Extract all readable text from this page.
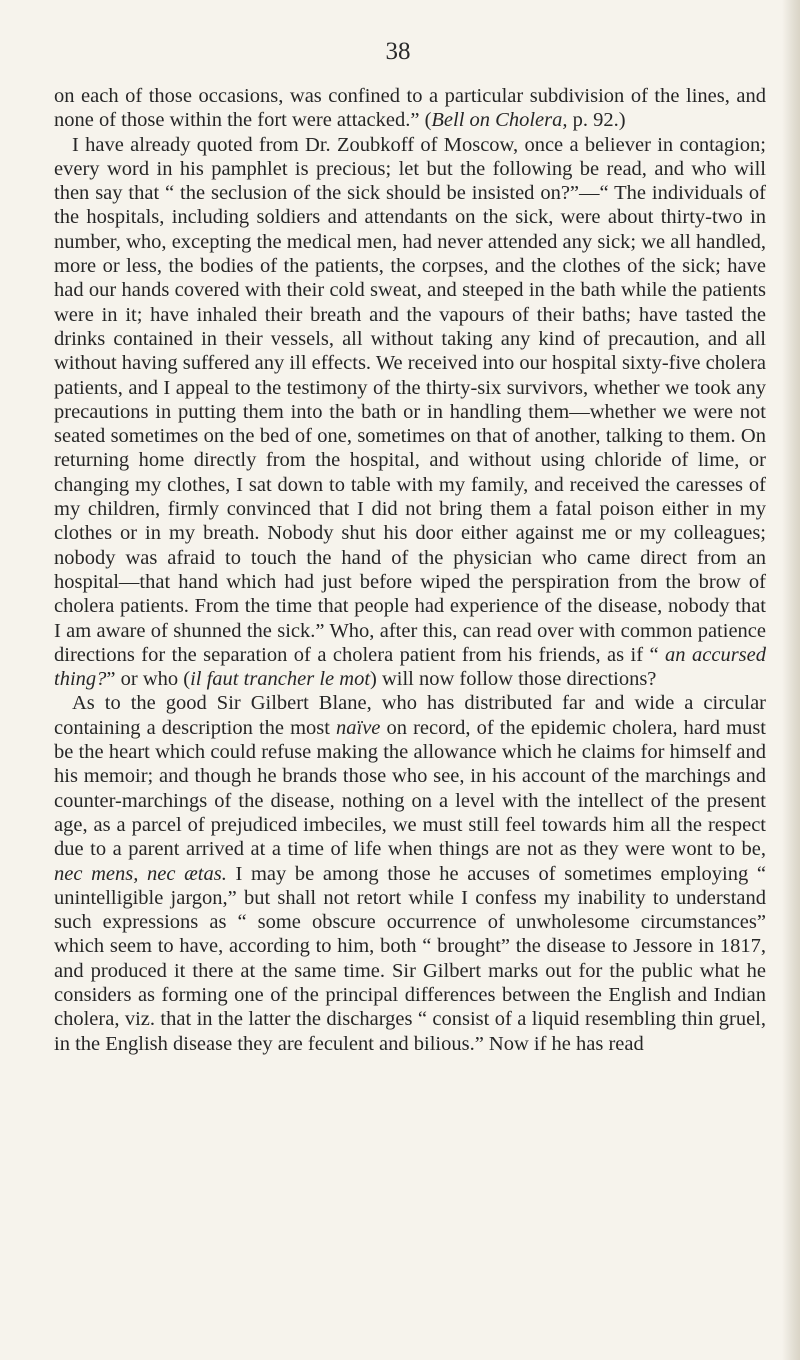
38

on each of those occasions, was confined to a particular subdivision of the lines, and none of those within the fort were attacked.” (Bell on Cholera, p. 92.)

I have already quoted from Dr. Zoubkoff of Moscow, once a believer in contagion; every word in his pamphlet is precious; let but the following be read, and who will then say that “ the seclusion of the sick should be insisted on?”—“ The individuals of the hospitals, including soldiers and attendants on the sick, were about thirty-two in number, who, excepting the medical men, had never attended any sick; we all handled, more or less, the bodies of the patients, the corpses, and the clothes of the sick; have had our hands covered with their cold sweat, and steeped in the bath while the patients were in it; have inhaled their breath and the vapours of their baths; have tasted the drinks contained in their vessels, all without taking any kind of precaution, and all without having suffered any ill effects. We received into our hospital sixty-five cholera patients, and I appeal to the testimony of the thirty-six survivors, whether we took any precautions in putting them into the bath or in handling them—whether we were not seated sometimes on the bed of one, sometimes on that of another, talking to them. On returning home directly from the hospital, and without using chloride of lime, or changing my clothes, I sat down to table with my family, and received the caresses of my children, firmly convinced that I did not bring them a fatal poison either in my clothes or in my breath. Nobody shut his door either against me or my colleagues; nobody was afraid to touch the hand of the physician who came direct from an hospital—that hand which had just before wiped the perspiration from the brow of cholera patients. From the time that people had experience of the disease, nobody that I am aware of shunned the sick.” Who, after this, can read over with common patience directions for the separation of a cholera patient from his friends, as if “ an accursed thing?” or who (il faut trancher le mot) will now follow those directions?

As to the good Sir Gilbert Blane, who has distributed far and wide a circular containing a description the most naïve on record, of the epidemic cholera, hard must be the heart which could refuse making the allowance which he claims for himself and his memoir; and though he brands those who see, in his account of the marchings and counter-marchings of the disease, nothing on a level with the intellect of the present age, as a parcel of prejudiced imbeciles, we must still feel towards him all the respect due to a parent arrived at a time of life when things are not as they were wont to be, nec mens, nec ætas. I may be among those he accuses of sometimes employing “ unintelligible jargon,” but shall not retort while I confess my inability to understand such expressions as “ some obscure occurrence of unwholesome circumstances” which seem to have, according to him, both “ brought” the disease to Jessore in 1817, and produced it there at the same time. Sir Gilbert marks out for the public what he considers as forming one of the principal differences between the English and Indian cholera, viz. that in the latter the discharges “ consist of a liquid resembling thin gruel, in the English disease they are feculent and bilious.” Now if he has read
